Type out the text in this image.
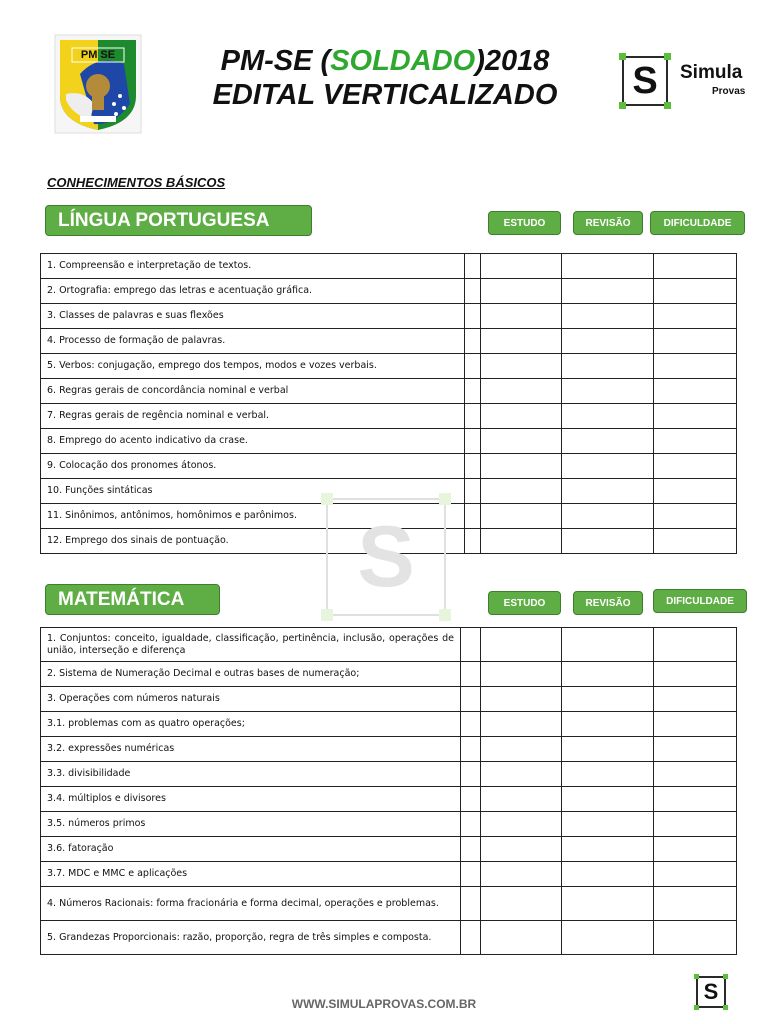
PM SE	PM-SE (SOLDADO)2018
EDITAL VERTICALIZADO	S	Simula
Provas
CONHECIMENTOS BÁSICOS
LÍNGUA PORTUGUESA	ESTUDO	REVISÃO	DIFICULDADE
1. Compreensão e interpretação de textos.				
2. Ortografia: emprego das letras e acentuação gráfica.				
3. Classes de palavras e suas flexões				
4. Processo de formação de palavras.				
5. Verbos: conjugação, emprego dos tempos, modos e vozes verbais.				
6. Regras gerais de concordância nominal e verbal				
7. Regras gerais de regência nominal e verbal.				
8. Emprego do acento indicativo da crase.				
9. Colocação dos pronomes átonos.				
10. Funções sintáticas				
11. Sinônimos, antônimos, homônimos e parônimos.				
12. Emprego dos sinais de pontuação.					S
MATEMÁTICA	ESTUDO	REVISÃO	DIFICULDADE
1. Conjuntos: conceito, igualdade, classificação, pertinência, inclusão, operações de união, interseção e diferença				
2. Sistema de Numeração Decimal e outras bases de numeração;				
3. Operações com números naturais				
3.1. problemas com as quatro operações;				
3.2. expressões numéricas				
3.3. divisibilidade				
3.4. múltiplos e divisores				
3.5. números primos				
3.6. fatoração				
3.7. MDC e MMC e aplicações				
4. Números Racionais: forma fracionária e forma decimal, operações e problemas.				
5. Grandezas Proporcionais: razão, proporção, regra de três simples e composta.				
WWW.SIMULAPROVAS.COM.BR	S
